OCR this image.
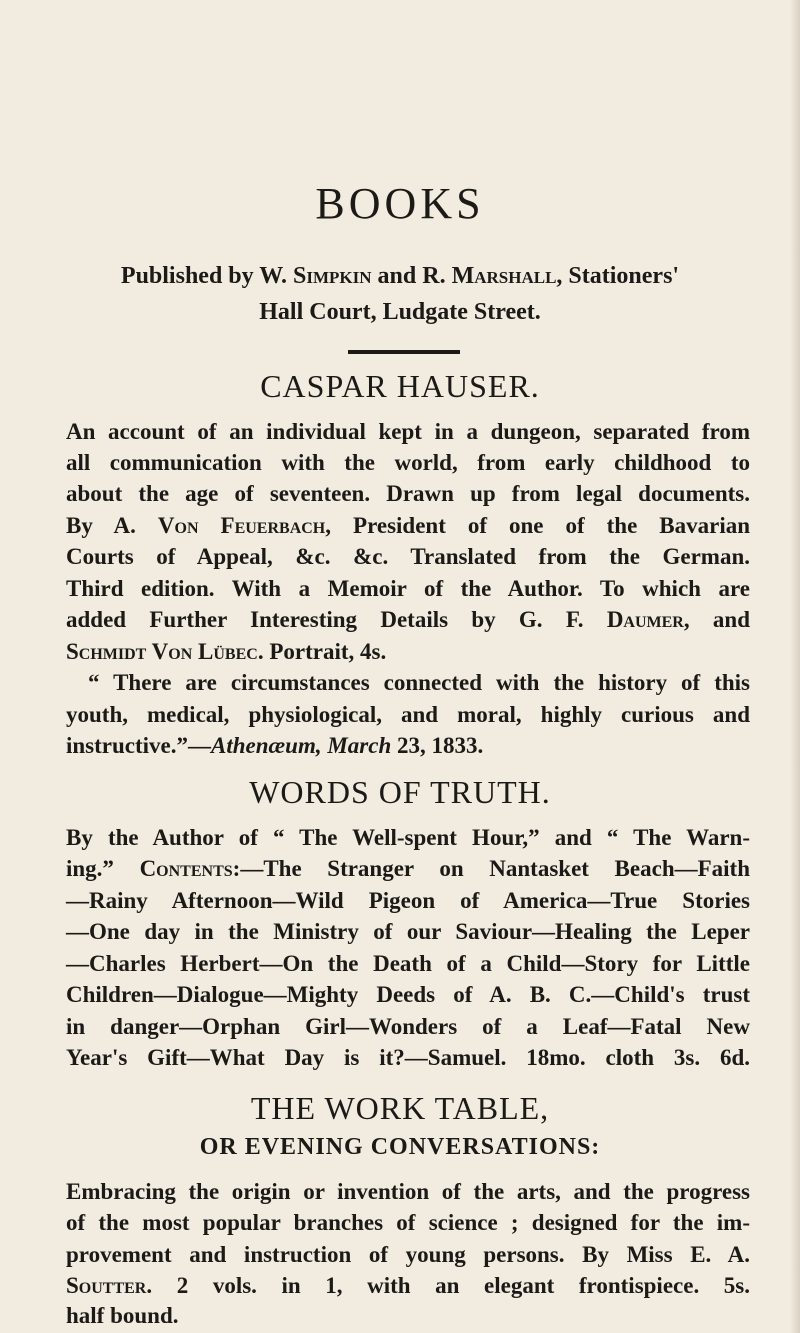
BOOKS
Published by W. Simpkin and R. Marshall, Stationers'
Hall Court, Ludgate Street.
CASPAR HAUSER.
An account of an individual kept in a dungeon, separated from
all communication with the world, from early childhood to
about the age of seventeen. Drawn up from legal documents.
By A. Von Feuerbach, President of one of the Bavarian
Courts of Appeal, &c. &c. Translated from the German.
Third edition. With a Memoir of the Author. To which are
added Further Interesting Details by G. F. Daumer, and
Schmidt Von Lübec. Portrait, 4s.
“ There are circumstances connected with the history of this
youth, medical, physiological, and moral, highly curious and
instructive.”—Athenæum, March 23, 1833.
WORDS OF TRUTH.
By the Author of “ The Well-spent Hour,” and “ The Warn-
ing.” Contents:—The Stranger on Nantasket Beach—Faith
—Rainy Afternoon—Wild Pigeon of America—True Stories
—One day in the Ministry of our Saviour—Healing the Leper
—Charles Herbert—On the Death of a Child—Story for Little
Children—Dialogue—Mighty Deeds of A. B. C.—Child's trust
in danger—Orphan Girl—Wonders of a Leaf—Fatal New
Year's Gift—What Day is it?—Samuel. 18mo. cloth 3s. 6d.
THE WORK TABLE,
OR EVENING CONVERSATIONS:
Embracing the origin or invention of the arts, and the progress
of the most popular branches of science ; designed for the im-
provement and instruction of young persons. By Miss E. A.
Soutter. 2 vols. in 1, with an elegant frontispiece. 5s.
half bound.
